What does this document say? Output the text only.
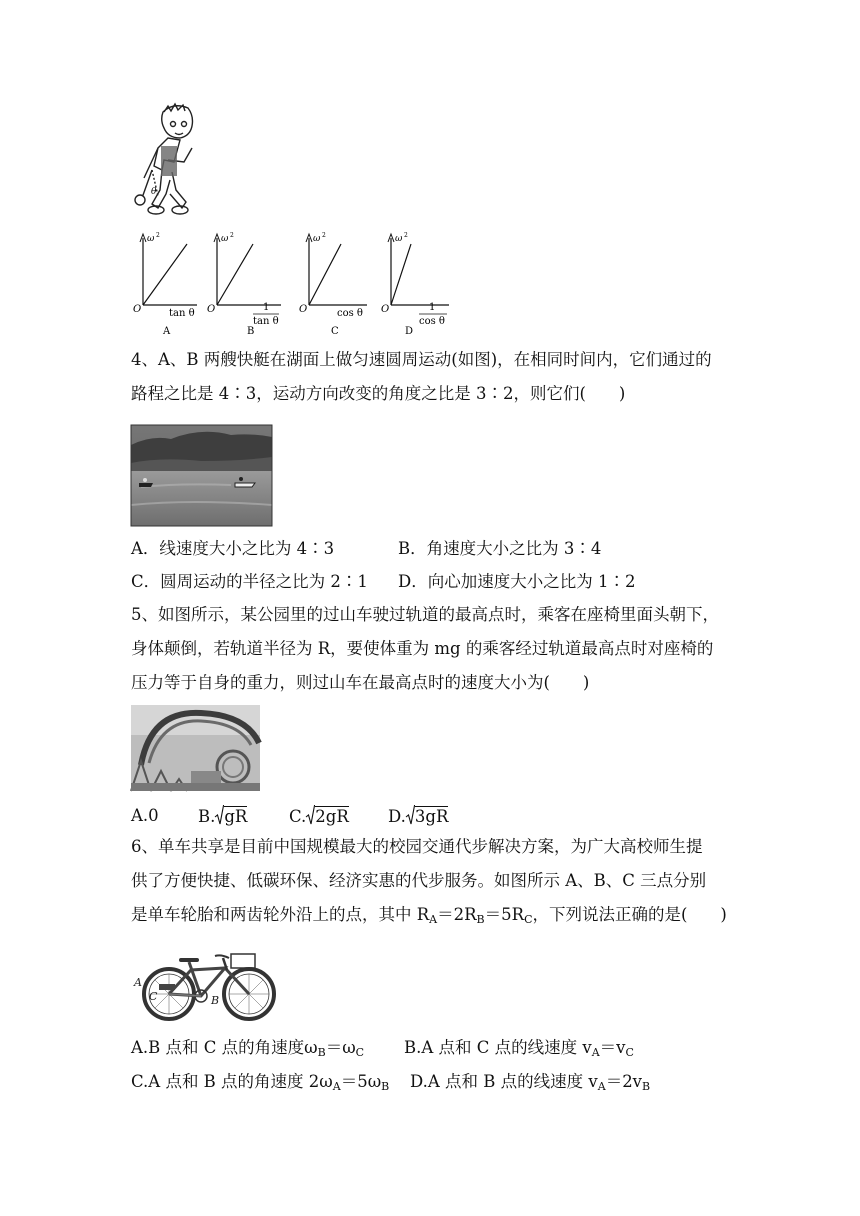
θ
ω 2
O	tan θ
A
ω 2
O	1
tan θ
B
ω 2
O	cos θ
C
ω 2
O	1
cos θ
D
4、A、B 两艘快艇在湖面上做匀速圆周运动(如图)，在相同时间内，它们通过的
路程之比是 4∶3，运动方向改变的角度之比是 3∶2，则它们(　　)
A．线速度大小之比为 4∶3	B．角速度大小之比为 3∶4
C．圆周运动的半径之比为 2∶1 D．向心加速度大小之比为 1∶2
5、如图所示，某公园里的过山车驶过轨道的最高点时，乘客在座椅里面头朝下，
身体颠倒，若轨道半径为 R，要使体重为 mg 的乘客经过轨道最高点时对座椅的
压力等于自身的重力，则过山车在最高点时的速度大小为(　　)
A.0 B. gR	C. 2gR D. 3gR
6、单车共享是目前中国规模最大的校园交通代步解决方案，为广大高校师生提
供了方便快捷、低碳环保、经济实惠的代步服务。如图所示 A、B、C 三点分别
是单车轮胎和两齿轮外沿上的点，其中 $R_A=2R_B=5R_C$，下列说法正确的是(　　)
A
C	B
A.B 点和 C 点的角速度$\omega_B=\omega_C$ B.A 点和 C 点的线速度 $v_A=v_C$
C.A 点和 B 点的角速度 $2\omega_A=5\omega_B$ D.A 点和 B 点的线速度 $v_A=2v_B$
